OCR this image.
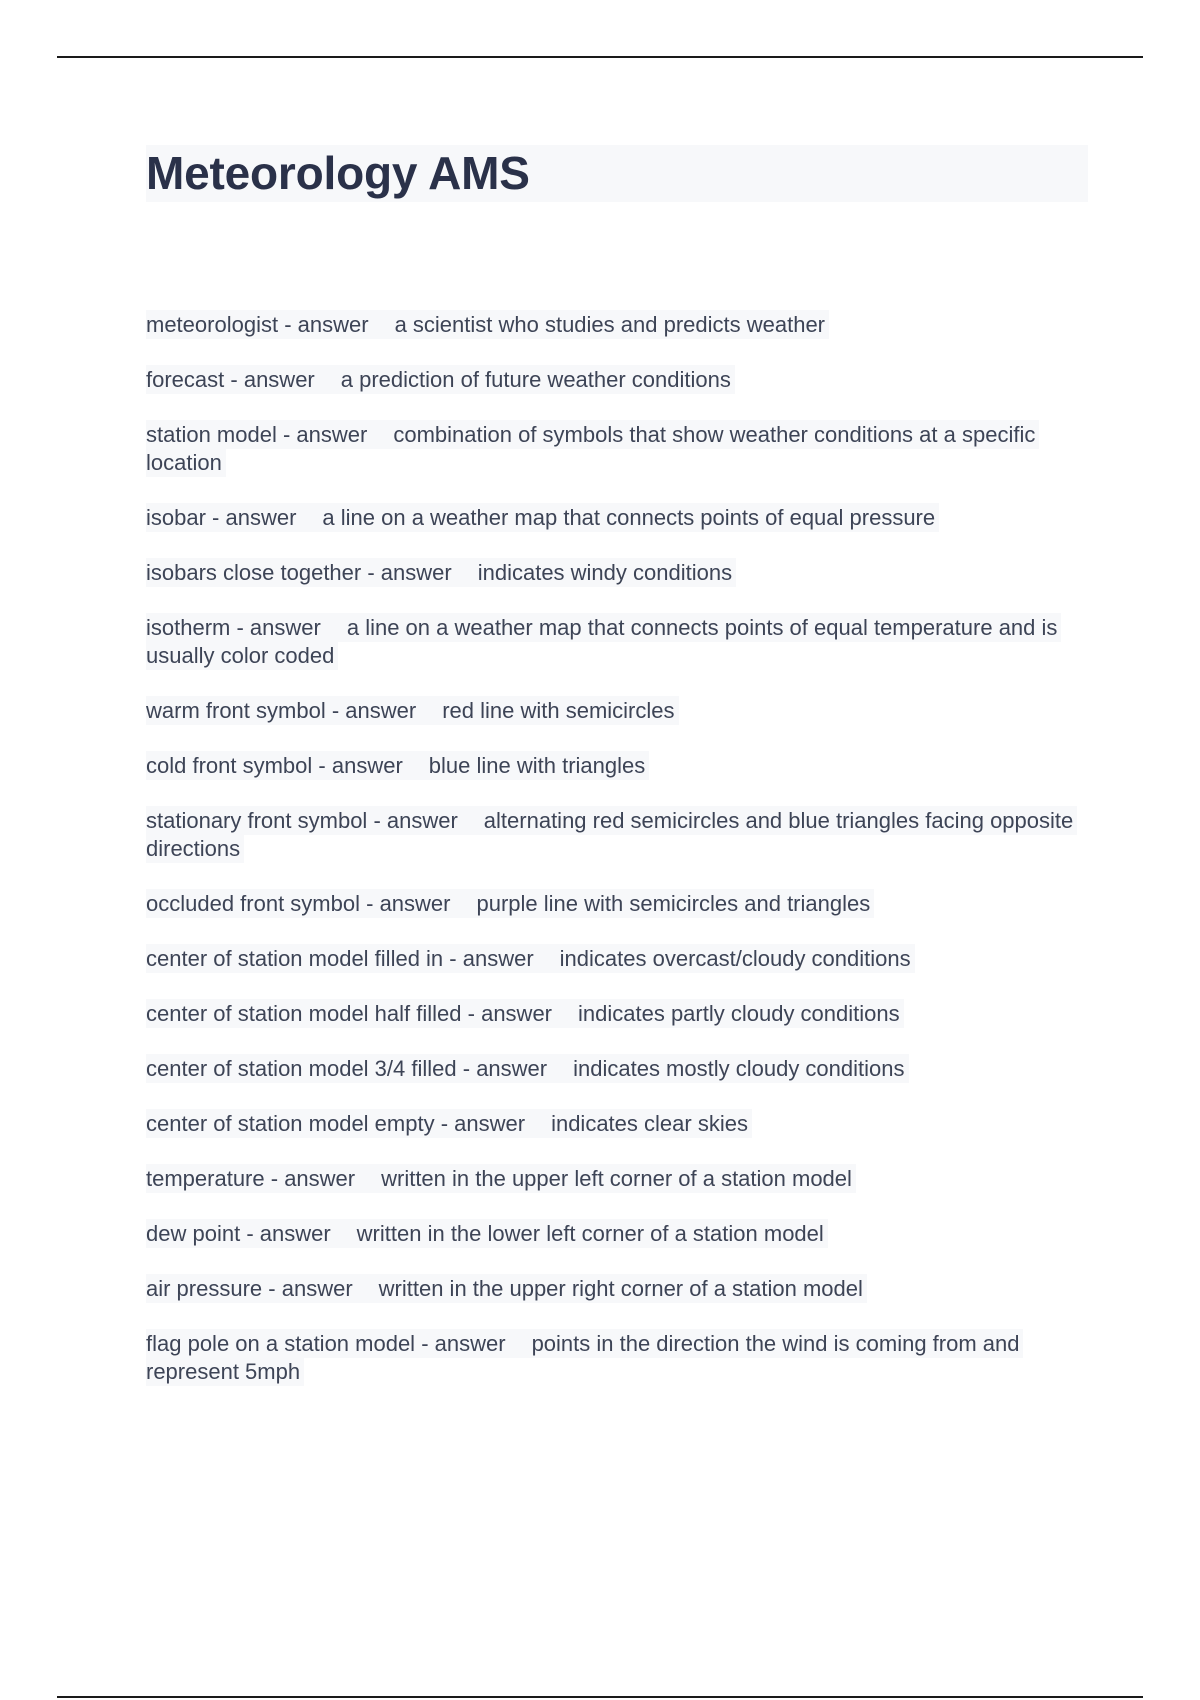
Meteorology AMS
meteorologist - answer a scientist who studies and predicts weather
forecast - answer a prediction of future weather conditions
station model - answer combination of symbols that show weather conditions at a specific location
isobar - answer a line on a weather map that connects points of equal pressure
isobars close together - answer indicates windy conditions
isotherm - answer a line on a weather map that connects points of equal temperature and is usually color coded
warm front symbol - answer red line with semicircles
cold front symbol - answer blue line with triangles
stationary front symbol - answer alternating red semicircles and blue triangles facing opposite directions
occluded front symbol - answer purple line with semicircles and triangles
center of station model filled in - answer indicates overcast/cloudy conditions
center of station model half filled - answer indicates partly cloudy conditions
center of station model 3/4 filled - answer indicates mostly cloudy conditions
center of station model empty - answer indicates clear skies
temperature - answer written in the upper left corner of a station model
dew point - answer written in the lower left corner of a station model
air pressure - answer written in the upper right corner of a station model
flag pole on a station model - answer points in the direction the wind is coming from and represent 5mph
